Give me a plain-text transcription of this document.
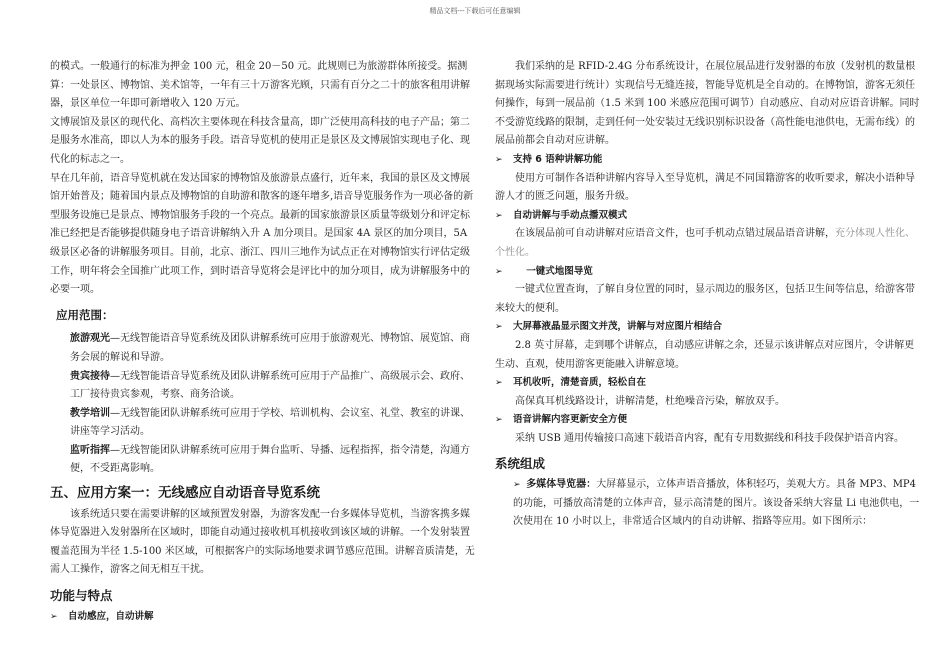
精品文档---下载后可任意编辑

的模式。一般通行的标准为押金 100 元，租金 20－50 元。此规则已为旅游群体所接受。据测算：一处景区、博物馆、美术馆等，一年有三十万游客光顾，只需有百分之二十的旅客租用讲解器，景区单位一年即可新增收入 120 万元。

文博展馆及景区的现代化、高档次主要体现在科技含量高，即广泛使用高科技的电子产品；第二是服务水准高，即以人为本的服务手段。语音导览机的使用正是景区及文博展馆实现电子化、现代化的标志之一。

早在几年前，语音导览机就在发达国家的博物馆及旅游景点盛行，近年来，我国的景区及文博展馆开始普及；随着国内景点及博物馆的自助游和散客的逐年增多,语音导览服务作为一项必备的新型服务设施已是景点、博物馆服务手段的一个亮点。最新的国家旅游景区质量等级划分和评定标准已经把是否能够提供随身电子语音讲解纳入升 A 加分项目。是国家 4A 景区的加分项目，5A 级景区必备的讲解服务项目。目前，北京、浙江、四川三地作为试点正在对博物馆实行评估定级工作，明年将会全国推广此项工作，到时语音导览将会是评比中的加分项目，成为讲解服务中的必要一项。

应用范围：
旅游观光—无线智能语音导览系统及团队讲解系统可应用于旅游观光、博物馆、展览馆、商务会展的解说和导游。
贵宾接待—无线智能语音导览系统及团队讲解系统可应用于产品推广、高级展示会、政府、工厂接待贵宾参观，考察、商务洽谈。
教学培训—无线智能团队讲解系统可应用于学校、培训机构、会议室、礼堂、教室的讲课、讲座等学习活动。
监听指挥—无线智能团队讲解系统可应用于舞台监听、导播、远程指挥，指令清楚，沟通方便，不受距离影响。
五、应用方案一：无线感应自动语音导览系统

该系统适只要在需要讲解的区域预置发射器，为游客发配一台多媒体导览机，当游客携多媒体导览器进入发射器所在区域时，即能自动通过接收机耳机接收到该区域的讲解。一个发射装置覆盖范围为半径 1.5-100 米区域，可根据客户的实际场地要求调节感应范围。讲解音质清楚，无需人工操作，游客之间无相互干扰。

功能与特点
➢ 自动感应，自动讲解

我们采纳的是 RFID-2.4G 分布系统设计，在展位展品进行发射器的布放（发射机的数量根据现场实际需要进行统计）实现信号无缝连接，智能导览机是全自动的。在博物馆，游客无须任何操作，每到一展品前（1.5 米到 100 米感应范围可调节）自动感应、自动对应语音讲解。同时不受游览线路的限制，走到任何一处安装过无线识别标识设备（高性能电池供电，无需布线）的展品前都会自动对应讲解。

➢ 支持 6 语种讲解功能

使用方可制作各语种讲解内容导入至导览机，满足不同国籍游客的收听要求，解决小语种导游人才的匮乏问题，服务升级。

➢ 自动讲解与手动点播双模式

在该展品前可自动讲解对应语音文件，也可手机动点错过展品语音讲解，充分体现人性化、个性化。

➢ 一键式地图导览

一键式位置查询，了解自身位置的同时，显示周边的服务区，包括卫生间等信息，给游客带来较大的便利。

➢ 大屏幕液晶显示图文并茂，讲解与对应图片相结合

2.8 英寸屏幕，走到哪个讲解点，自动感应讲解之余，还显示该讲解点对应图片，令讲解更生动、直观，使用游客更能融入讲解意境。

➢ 耳机收听，清楚音质，轻松自在

高保真耳机线路设计，讲解清楚，杜绝噪音污染，解放双手。

➢ 语音讲解内容更新安全方便

采纳 USB 通用传输接口高速下载语音内容，配有专用数据线和科技手段保护语音内容。

系统组成
➢ 多媒体导览器：大屏幕显示，立体声语音播放，体积轻巧，美观大方。具备 MP3、MP4 的功能，可播放高清楚的立体声音，显示高清楚的图片。该设备采纳大容量 Li 电池供电，一次使用在 10 小时以上，非常适合区域内的自动讲解、指路等应用。如下图所示：
